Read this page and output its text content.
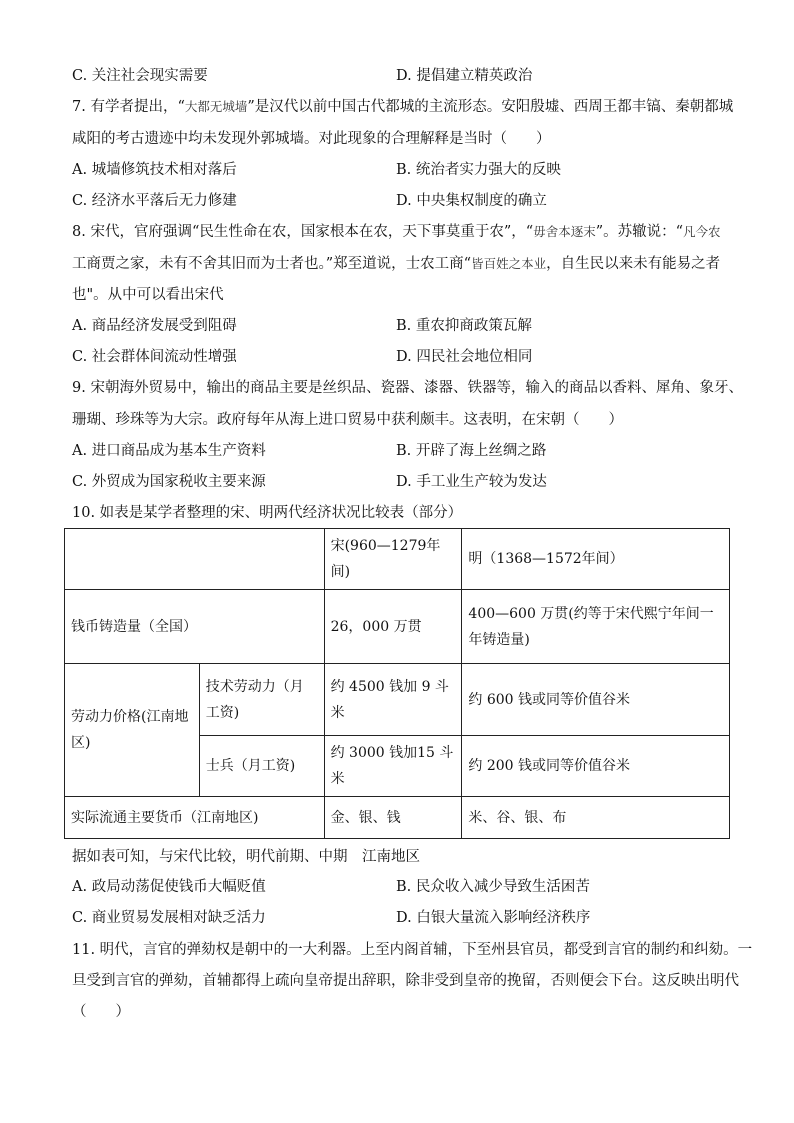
C. 关注社会现实需要	D. 提倡建立精英政治
7. 有学者提出，“大都无城墙”是汉代以前中国古代都城的主流形态。安阳殷墟、西周王都丰镐、秦朝都城
咸阳的考古遗迹中均未发现外郭城墙。对此现象的合理解释是当时（　　）
A. 城墙修筑技术相对落后	B. 统治者实力强大的反映
C. 经济水平落后无力修建	D. 中央集权制度的确立
8. 宋代，官府强调“民生性命在农，国家根本在农，天下事莫重于农”，“毋舍本逐末”。苏辙说：“凡今农
工商贾之家，未有不舍其旧而为士者也。”郑至道说，士农工商“皆百姓之本业，自生民以来未有能易之者
也"。从中可以看出宋代
A. 商品经济发展受到阻碍	B. 重农抑商政策瓦解
C. 社会群体间流动性增强	D. 四民社会地位相同
9. 宋朝海外贸易中，输出的商品主要是丝织品、瓷器、漆器、铁器等，输入的商品以香料、犀角、象牙、
珊瑚、珍珠等为大宗。政府每年从海上进口贸易中获利颇丰。这表明，在宋朝（　　）
A. 进口商品成为基本生产资料	B. 开辟了海上丝绸之路
C. 外贸成为国家税收主要来源	D. 手工业生产较为发达
10. 如表是某学者整理的宋、明两代经济状况比较表（部分）
		宋(960—1279年间)	明（1368—1572年间）
钱币铸造量（全国）		26，000 万贯	400—600 万贯(约等于宋代熙宁年间一年铸造量)
劳动力价格(江南地区)	技术劳动力（月工资)	约 4500 钱加 9 斗米	约 600 钱或同等价值谷米
	士兵（月工资)	约 3000 钱加15 斗米	约 200 钱或同等价值谷米
实际流通主要货币（江南地区)		金、银、钱	米、谷、银、布
据如表可知，与宋代比较，明代前期、中期　江南地区
A. 政局动荡促使钱币大幅贬值	B. 民众收入减少导致生活困苦
C. 商业贸易发展相对缺乏活力	D. 白银大量流入影响经济秩序
11. 明代，言官的弹劾权是朝中的一大利器。上至内阁首辅，下至州县官员，都受到言官的制约和纠劾。一
旦受到言官的弹劾，首辅都得上疏向皇帝提出辞职，除非受到皇帝的挽留，否则便会下台。这反映出明代
（　　）
